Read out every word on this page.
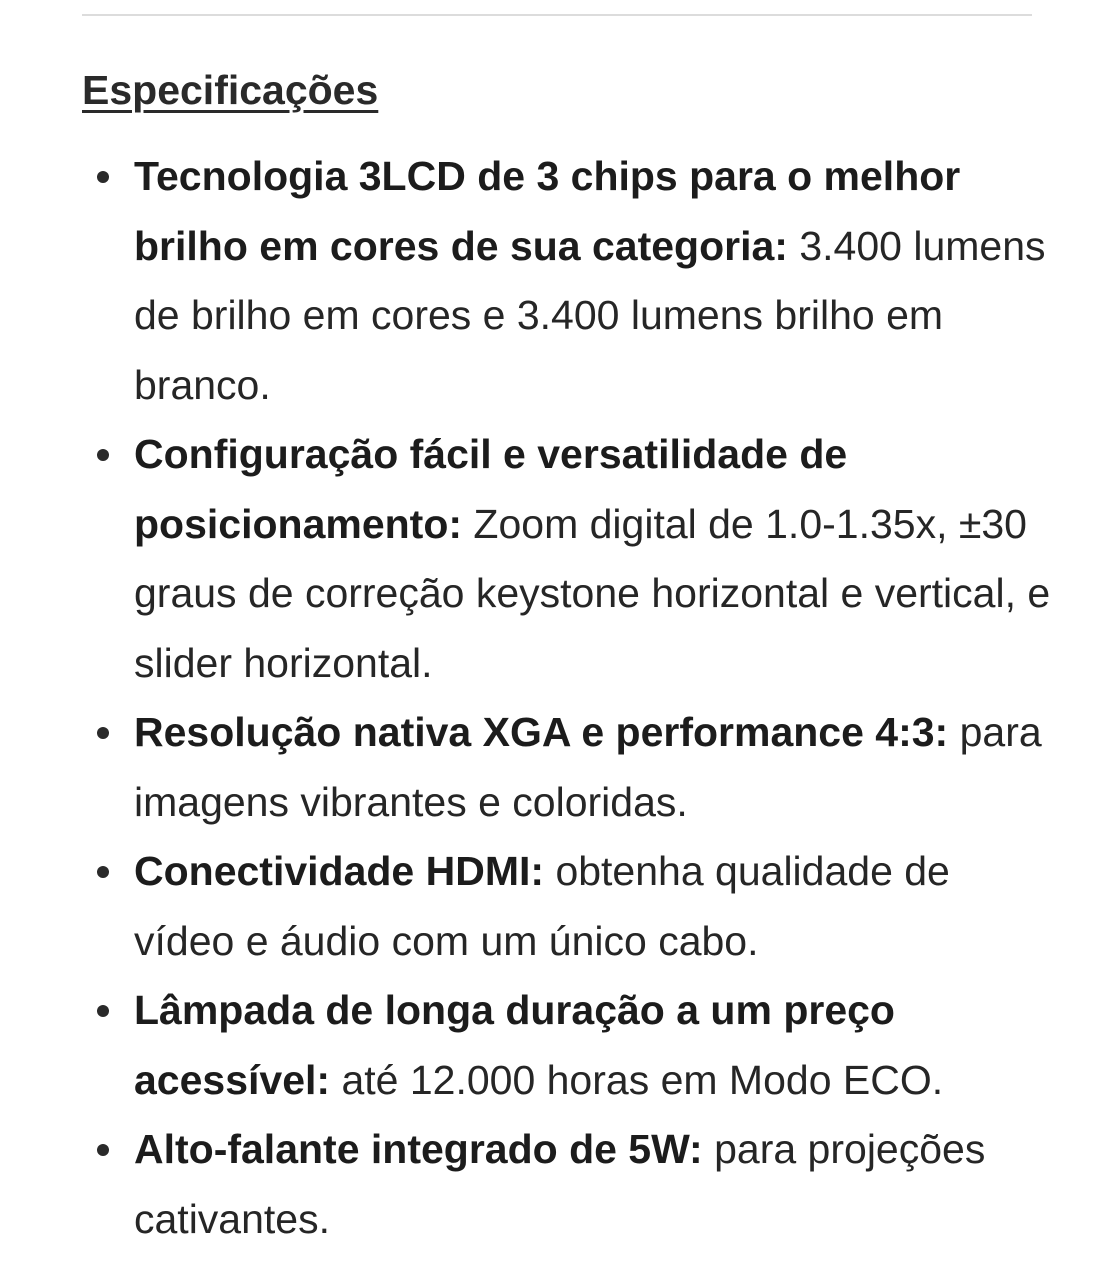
Especificações
Tecnologia 3LCD de 3 chips para o melhor brilho em cores de sua categoria: 3.400 lumens de brilho em cores e 3.400 lumens brilho em branco.
Configuração fácil e versatilidade de posicionamento: Zoom digital de 1.0-1.35x, ±30 graus de correção keystone horizontal e vertical, e slider horizontal.
Resolução nativa XGA e performance 4:3: para imagens vibrantes e coloridas.
Conectividade HDMI: obtenha qualidade de vídeo e áudio com um único cabo.
Lâmpada de longa duração a um preço acessível: até 12.000 horas em Modo ECO.
Alto-falante integrado de 5W: para projeções cativantes.
